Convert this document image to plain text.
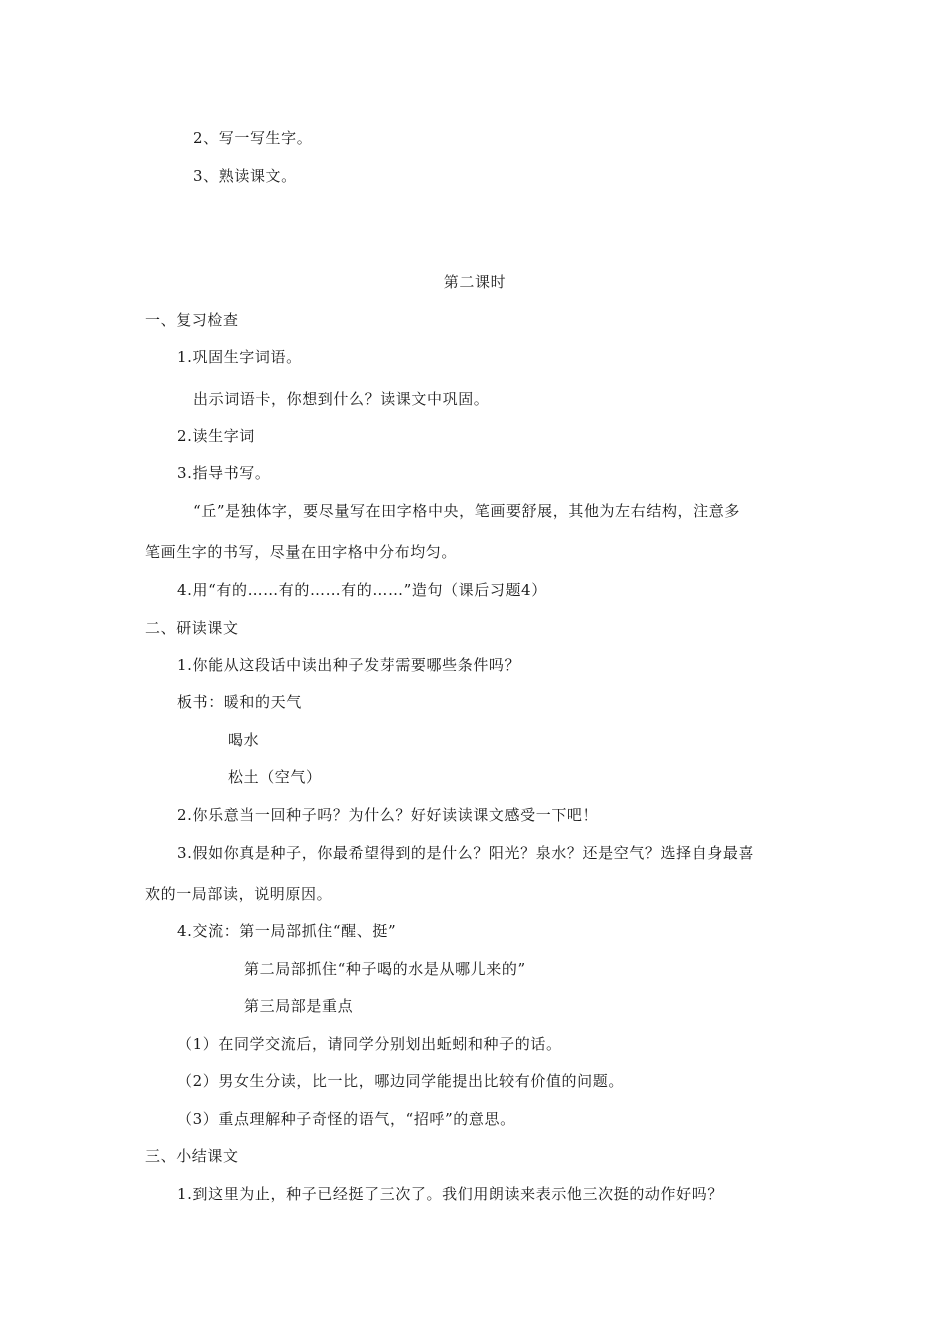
2、写一写生字。
3、熟读课文。
第二课时
一、复习检查
1.巩固生字词语。
出示词语卡，你想到什么？读课文中巩固。
2.读生字词
3.指导书写。
“丘”是独体字，要尽量写在田字格中央，笔画要舒展，其他为左右结构，注意多
笔画生字的书写，尽量在田字格中分布均匀。
4.用“有的……有的……有的……”造句（课后习题4）
二、研读课文
1.你能从这段话中读出种子发芽需要哪些条件吗？
板书：暖和的天气
喝水
松土（空气）
2.你乐意当一回种子吗？为什么？好好读读课文感受一下吧！
3.假如你真是种子，你最希望得到的是什么？阳光？泉水？还是空气？选择自身最喜
欢的一局部读，说明原因。
4.交流：第一局部抓住“醒、挺”
第二局部抓住“种子喝的水是从哪儿来的”
第三局部是重点
（1）在同学交流后，请同学分别划出蚯蚓和种子的话。
（2）男女生分读，比一比，哪边同学能提出比较有价值的问题。
（3）重点理解种子奇怪的语气，“招呼”的意思。
三、小结课文
1.到这里为止，种子已经挺了三次了。我们用朗读来表示他三次挺的动作好吗？
